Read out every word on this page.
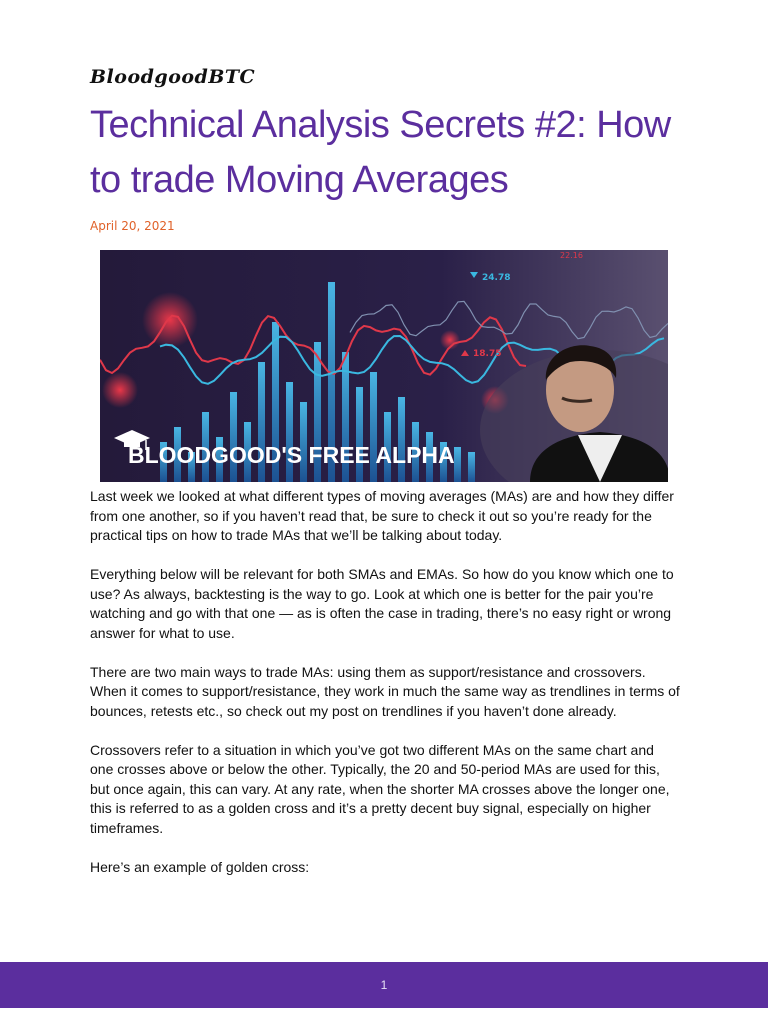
BloodgoodBTC
Technical Analysis Secrets #2: How to trade Moving Averages
April 20, 2021
24.78
18.75
22.16
BLOODGOOD'S FREE ALPHA

Last week we looked at what different types of moving averages (MAs) are and how they differ from one another, so if you haven’t read that, be sure to check it out so you’re ready for the practical tips on how to trade MAs that we’ll be talking about today.

Everything below will be relevant for both SMAs and EMAs. So how do you know which one to use? As always, backtesting is the way to go. Look at which one is better for the pair you’re watching and go with that one — as is often the case in trading, there’s no easy right or wrong answer for what to use.

There are two main ways to trade MAs: using them as support/resistance and crossovers. When it comes to support/resistance, they work in much the same way as trendlines in terms of bounces, retests etc., so check out my post on trendlines if you haven’t done already.

Crossovers refer to a situation in which you’ve got two different MAs on the same chart and one crosses above or below the other. Typically, the 20 and 50-period MAs are used for this, but once again, this can vary. At any rate, when the shorter MA crosses above the longer one, this is referred to as a golden cross and it’s a pretty decent buy signal, especially on higher timeframes.

Here’s an example of golden cross:

1
